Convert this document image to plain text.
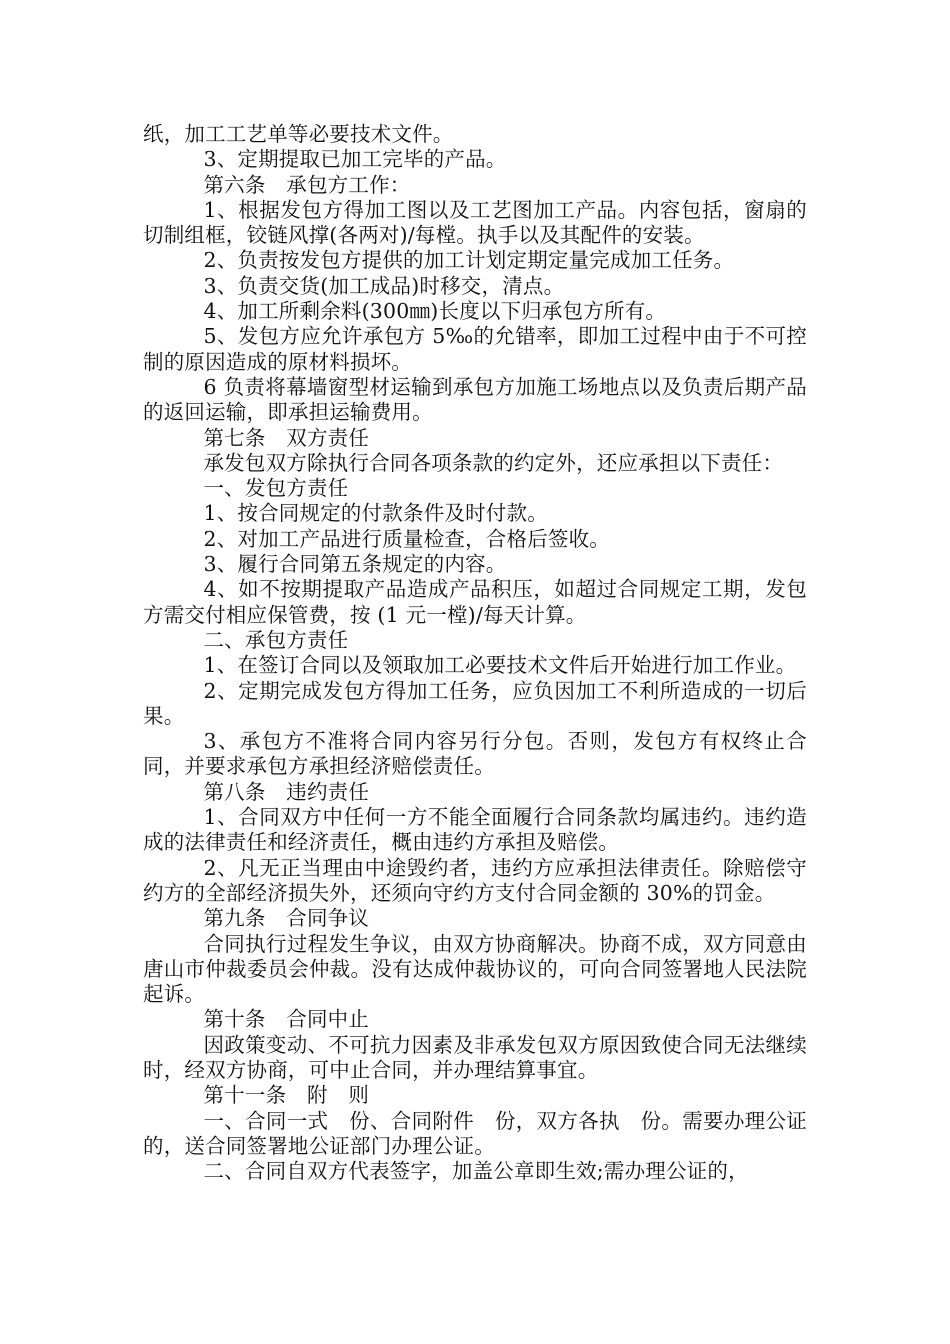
纸，加工工艺单等必要技术文件。

3、定期提取已加工完毕的产品。

第六条　承包方工作：

1、根据发包方得加工图以及工艺图加工产品。内容包括，窗扇的切制组框，铰链风撑(各两对)/每樘。执手以及其配件的安装。

2、负责按发包方提供的加工计划定期定量完成加工任务。

3、负责交货(加工成品)时移交，清点。

4、加工所剩余料(300㎜)长度以下归承包方所有。

5、发包方应允许承包方 5‰的允错率，即加工过程中由于不可控制的原因造成的原材料损坏。

6 负责将幕墙窗型材运输到承包方加施工场地点以及负责后期产品的返回运输，即承担运输费用。

第七条　双方责任

承发包双方除执行合同各项条款的约定外，还应承担以下责任：

一、发包方责任

1、按合同规定的付款条件及时付款。

2、对加工产品进行质量检查，合格后签收。

3、履行合同第五条规定的内容。

4、如不按期提取产品造成产品积压，如超过合同规定工期，发包方需交付相应保管费，按 (1 元一樘)/每天计算。

二、承包方责任

1、在签订合同以及领取加工必要技术文件后开始进行加工作业。

2、定期完成发包方得加工任务，应负因加工不利所造成的一切后果。

3、承包方不准将合同内容另行分包。否则，发包方有权终止合同，并要求承包方承担经济赔偿责任。

第八条　违约责任

1、合同双方中任何一方不能全面履行合同条款均属违约。违约造成的法律责任和经济责任，概由违约方承担及赔偿。

2、凡无正当理由中途毁约者，违约方应承担法律责任。除赔偿守约方的全部经济损失外，还须向守约方支付合同金额的 30%的罚金。

第九条　合同争议

合同执行过程发生争议，由双方协商解决。协商不成，双方同意由唐山市仲裁委员会仲裁。没有达成仲裁协议的，可向合同签署地人民法院起诉。

第十条　合同中止

因政策变动、不可抗力因素及非承发包双方原因致使合同无法继续时，经双方协商，可中止合同，并办理结算事宜。

第十一条　附　则

一、合同一式　份、合同附件　份，双方各执　份。需要办理公证的，送合同签署地公证部门办理公证。

二、合同自双方代表签字，加盖公章即生效;需办理公证的，
